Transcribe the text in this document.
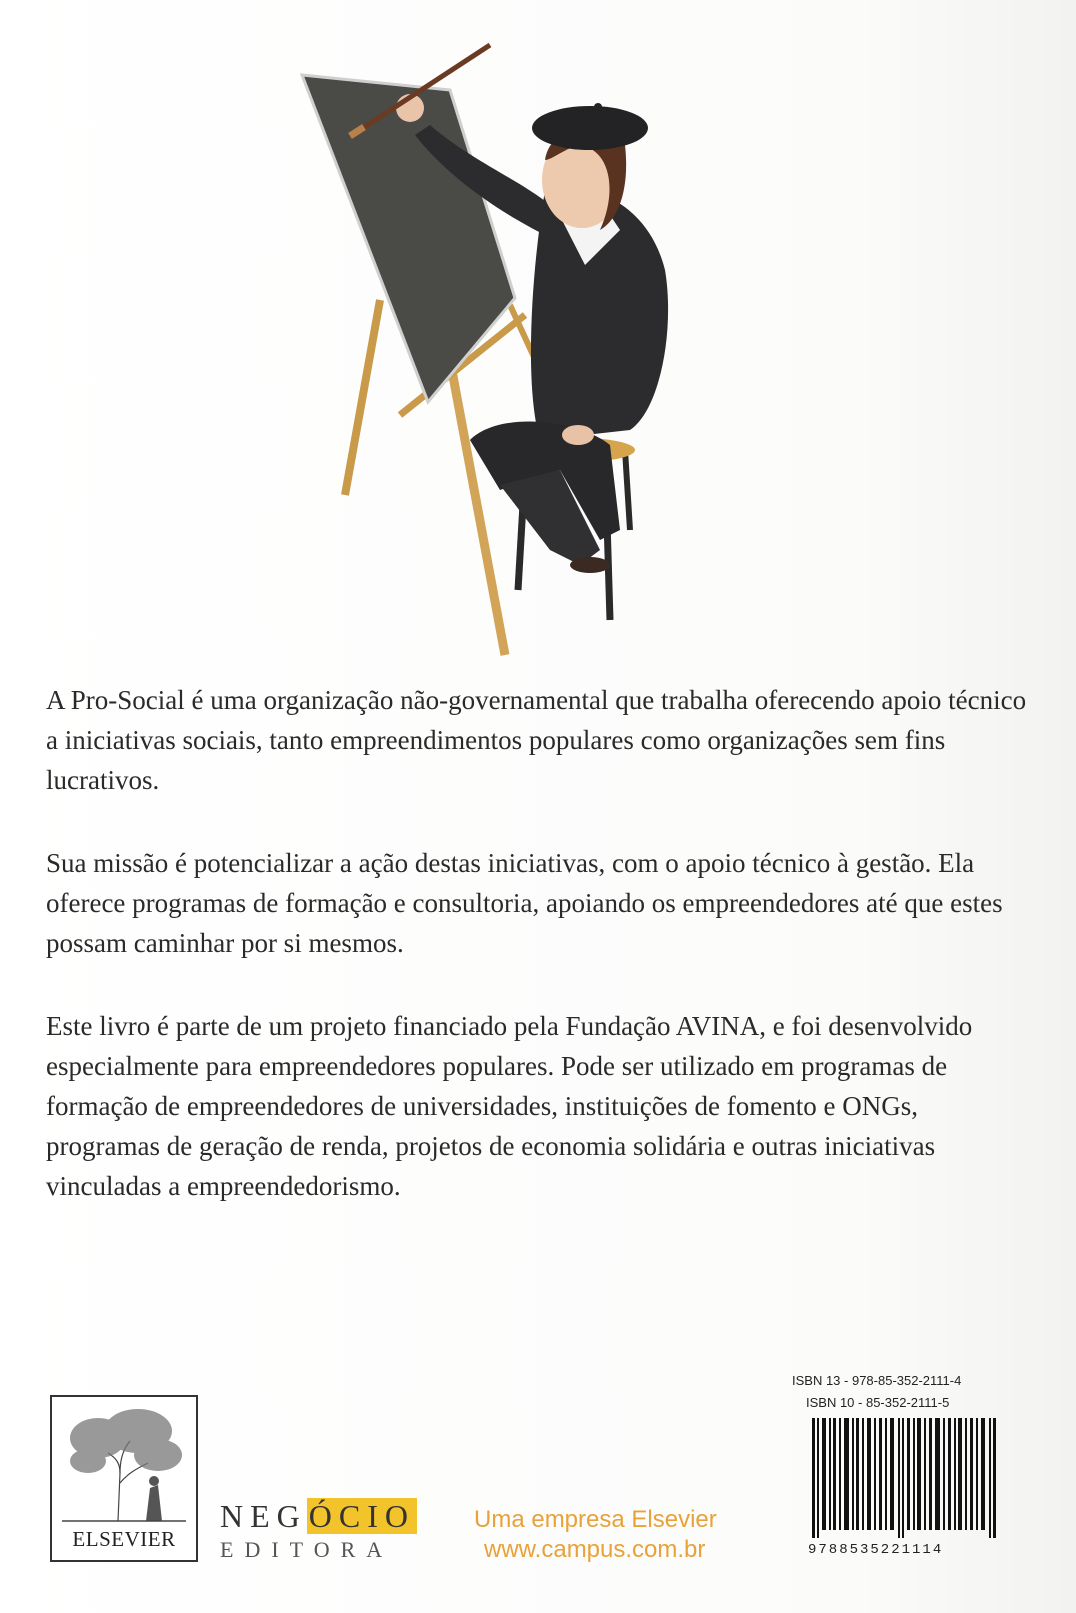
A Pro-Social é uma organização não-governamental que trabalha oferecendo apoio técnico a iniciativas sociais, tanto empreendimentos populares como organizações sem fins lucrativos.

Sua missão é potencializar a ação destas iniciativas, com o apoio técnico à gestão. Ela oferece programas de formação e consultoria, apoiando os empreendedores até que estes possam caminhar por si mesmos.

Este livro é parte de um projeto financiado pela Fundação AVINA, e foi desenvolvido especialmente para empreendedores populares. Pode ser utilizado em programas de formação de empreendedores de universidades, instituições de fomento e ONGs, programas de geração de renda, projetos de economia solidária e outras iniciativas vinculadas a empreendedorismo.

ISBN 13 - 978-85-352-2111-4
ISBN 10 - 85-352-2111-5
9788535221114
ELSEVIER
NEGÓCIO
EDITORA
Uma empresa Elsevier
www.campus.com.br
